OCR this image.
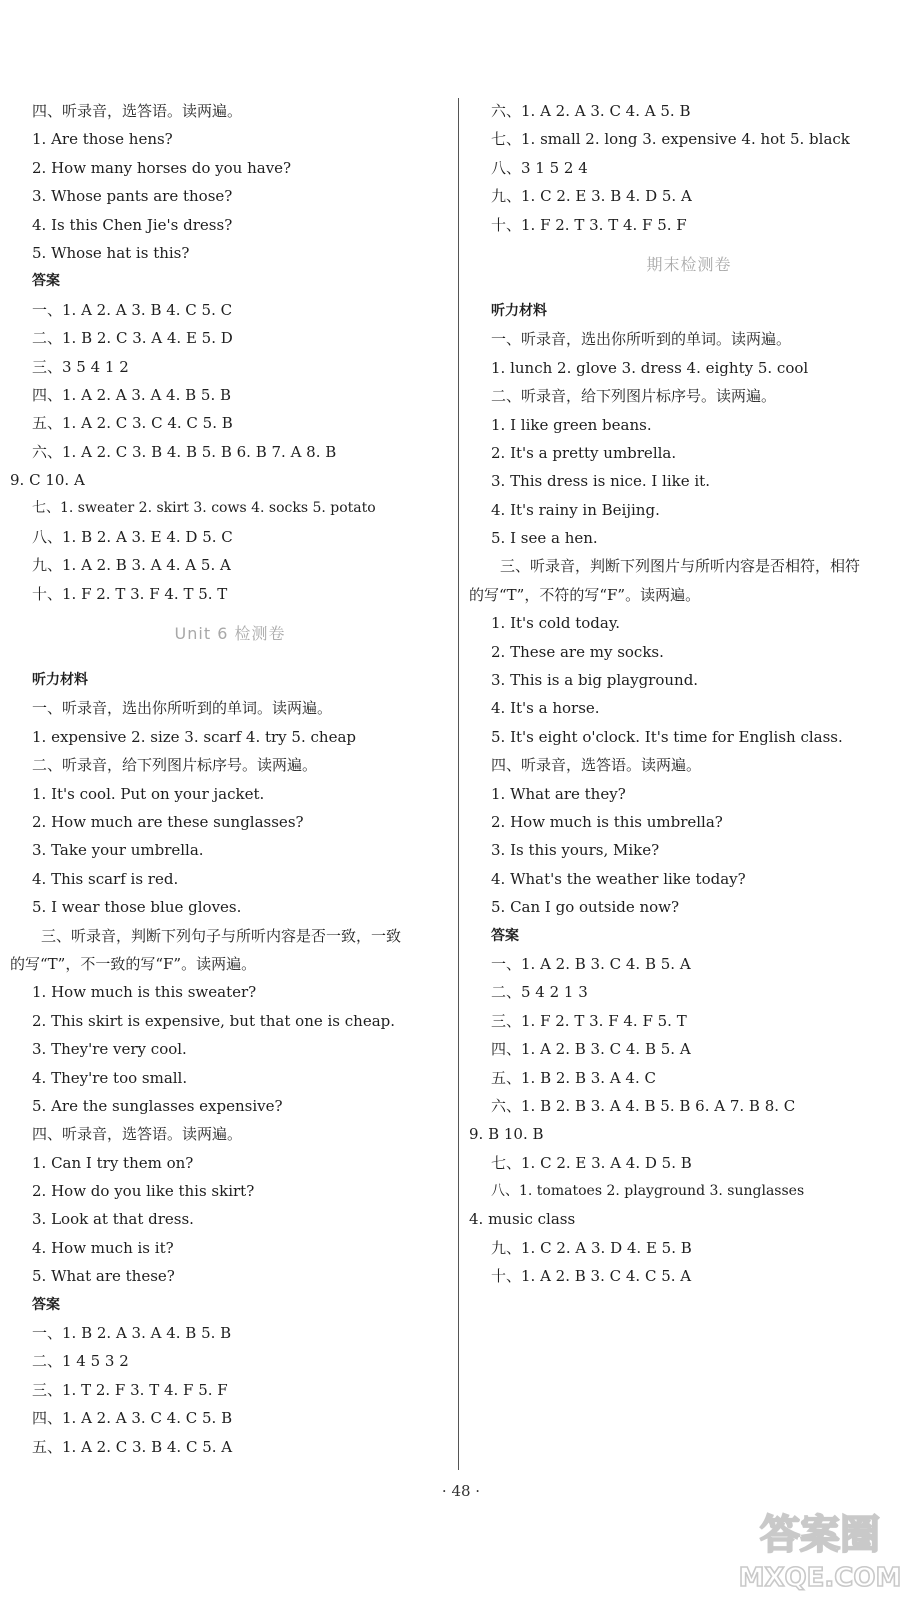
四、听录音，选答语。读两遍。
1. Are those hens?
2. How many horses do you have?
3. Whose pants are those?
4. Is this Chen Jie's dress?
5. Whose hat is this?
答案
一、1. A 2. A 3. B 4. C 5. C
二、1. B 2. C 3. A 4. E 5. D
三、3 5 4 1 2
四、1. A 2. A 3. A 4. B 5. B
五、1. A 2. C 3. C 4. C 5. B
六、1. A 2. C 3. B 4. B 5. B 6. B 7. A 8. B
9. C 10. A
七、1. sweater 2. skirt 3. cows 4. socks 5. potato
八、1. B 2. A 3. E 4. D 5. C
九、1. A 2. B 3. A 4. A 5. A
十、1. F 2. T 3. F 4. T 5. T
Unit 6 检测卷
听力材料
一、听录音，选出你所听到的单词。读两遍。
1. expensive 2. size 3. scarf 4. try 5. cheap
二、听录音，给下列图片标序号。读两遍。
1. It's cool. Put on your jacket.
2. How much are these sunglasses?
3. Take your umbrella.
4. This scarf is red.
5. I wear those blue gloves.
三、听录音，判断下列句子与所听内容是否一致，一致
的写“T”，不一致的写“F”。读两遍。
1. How much is this sweater?
2. This skirt is expensive, but that one is cheap.
3. They're very cool.
4. They're too small.
5. Are the sunglasses expensive?
四、听录音，选答语。读两遍。
1. Can I try them on?
2. How do you like this skirt?
3. Look at that dress.
4. How much is it?
5. What are these?
答案
一、1. B 2. A 3. A 4. B 5. B
二、1 4 5 3 2
三、1. T 2. F 3. T 4. F 5. F
四、1. A 2. A 3. C 4. C 5. B
五、1. A 2. C 3. B 4. C 5. A
六、1. A 2. A 3. C 4. A 5. B
七、1. small 2. long 3. expensive 4. hot 5. black
八、3 1 5 2 4
九、1. C 2. E 3. B 4. D 5. A
十、1. F 2. T 3. T 4. F 5. F
期末检测卷
听力材料
一、听录音，选出你所听到的单词。读两遍。
1. lunch 2. glove 3. dress 4. eighty 5. cool
二、听录音，给下列图片标序号。读两遍。
1. I like green beans.
2. It's a pretty umbrella.
3. This dress is nice. I like it.
4. It's rainy in Beijing.
5. I see a hen.
三、听录音，判断下列图片与所听内容是否相符，相符
的写“T”，不符的写“F”。读两遍。
1. It's cold today.
2. These are my socks.
3. This is a big playground.
4. It's a horse.
5. It's eight o'clock. It's time for English class.
四、听录音，选答语。读两遍。
1. What are they?
2. How much is this umbrella?
3. Is this yours, Mike?
4. What's the weather like today?
5. Can I go outside now?
答案
一、1. A 2. B 3. C 4. B 5. A
二、5 4 2 1 3
三、1. F 2. T 3. F 4. F 5. T
四、1. A 2. B 3. C 4. B 5. A
五、1. B 2. B 3. A 4. C
六、1. B 2. B 3. A 4. B 5. B 6. A 7. B 8. C
9. B 10. B
七、1. C 2. E 3. A 4. D 5. B
八、1. tomatoes 2. playground 3. sunglasses
4. music class
九、1. C 2. A 3. D 4. E 5. B
十、1. A 2. B 3. C 4. C 5. A
· 48 ·
答案圈
MXQE.COM
